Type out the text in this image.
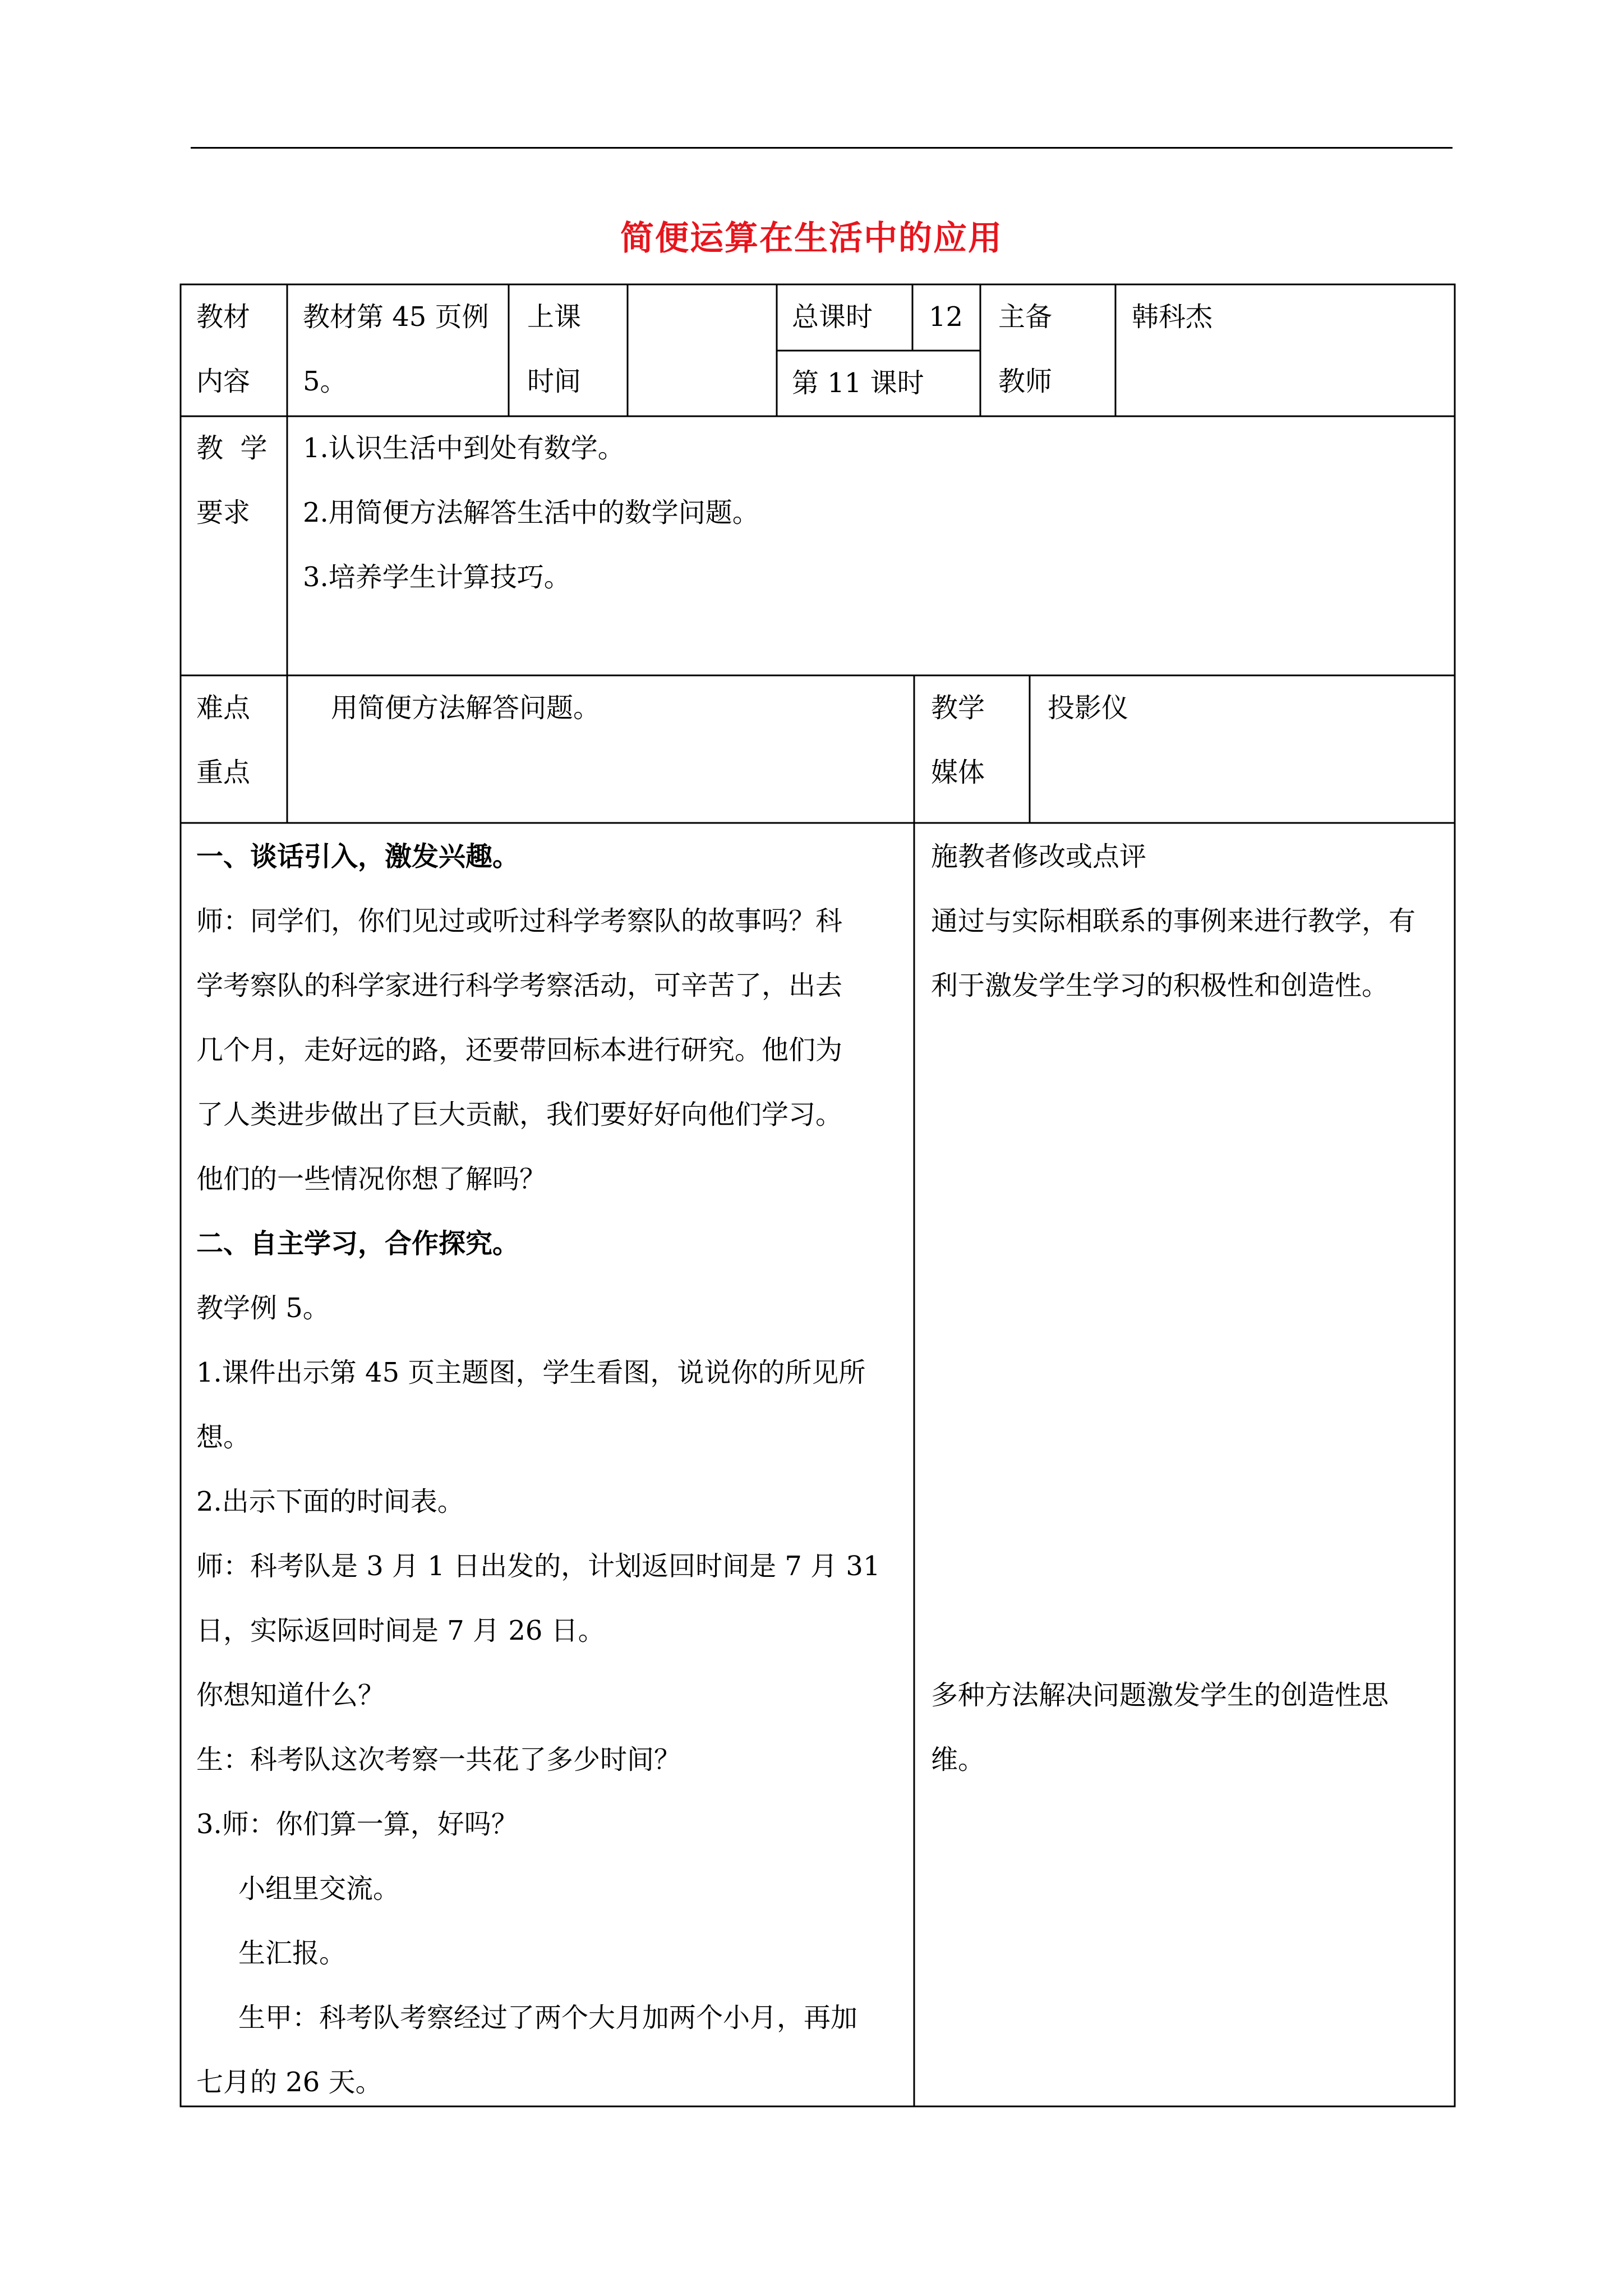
简便运算在生活中的应用
教材
内容
教材第 45 页例
5。
上课
时间
总课时 12
第 11 课时
主备
教师
韩科杰
教  学
要求
1.认识生活中到处有数学。
2.用简便方法解答生活中的数学问题。
3.培养学生计算技巧。
难点
重点
用简便方法解答问题。	教学
媒体
投影仪
一、谈话引入，激发兴趣。
师：同学们，你们见过或听过科学考察队的故事吗？科
学考察队的科学家进行科学考察活动，可辛苦了，出去
几个月，走好远的路，还要带回标本进行研究。他们为
了人类进步做出了巨大贡献，我们要好好向他们学习。
他们的一些情况你想了解吗？
二、自主学习，合作探究。
教学例 5。
1.课件出示第 45 页主题图，学生看图，说说你的所见所
想。
2.出示下面的时间表。
师：科考队是 3 月 1 日出发的，计划返回时间是 7 月 31
日，实际返回时间是 7 月 26 日。
你想知道什么？
生：科考队这次考察一共花了多少时间？
3.师：你们算一算，好吗？
小组里交流。
生汇报。
生甲：科考队考察经过了两个大月加两个小月，再加
七月的 26 天。
施教者修改或点评
通过与实际相联系的事例来进行教学，有
利于激发学生学习的积极性和创造性。
多种方法解决问题激发学生的创造性思
维。
